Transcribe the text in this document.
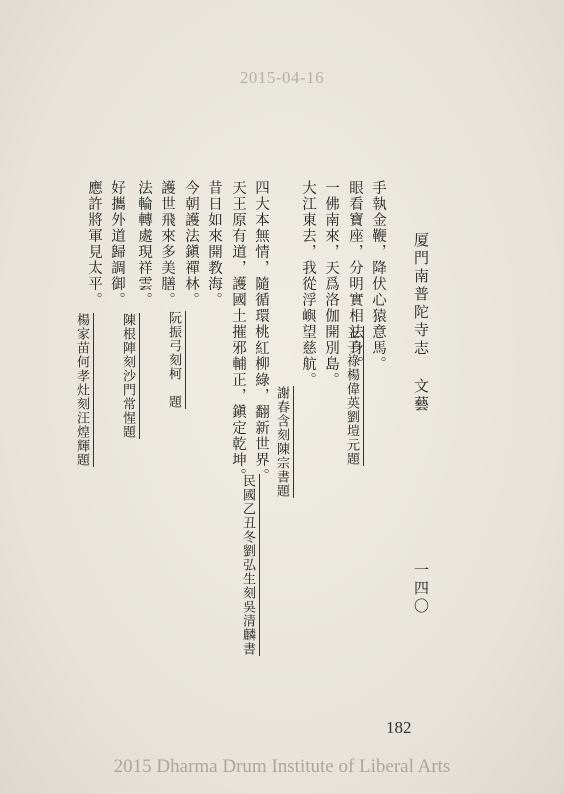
2015-04-16
厦門南普陀寺志
文藝
一四〇
手執金鞭，降伏心猿意馬。
眼看寶座，分明實相法身。
王子祿楊偉英劉塏元題
一佛南來，天爲洛伽開別島。
大江東去，我從浮嶼望慈航。
謝春含刻陳宗書題
四大本無情，隨循環桃紅柳綠，翻新世界。
天王原有道，護國土摧邪輔正，鎭定乾坤。
民國乙丑冬劉弘生刻吳清麟書
昔日如來開教海。
今朝護法鎭禪林。
阮振弓刻柯　題
護世飛來多美膳。
法輪轉處現祥雲。
陳根陣刻沙門常惺題
好攜外道歸調御。
應許將軍見太平。
楊家苗何孝灶刻汪煌輝題
182
2015 Dharma Drum Institute of Liberal Arts
